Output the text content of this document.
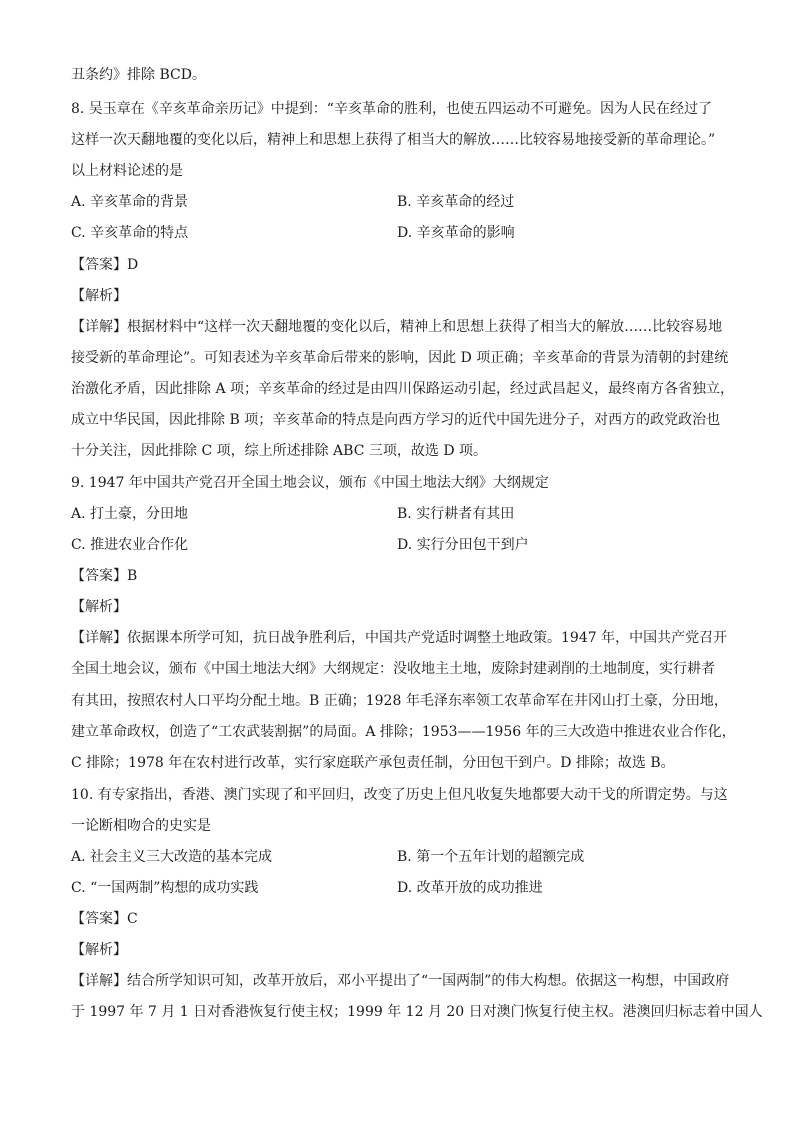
丑条约》排除 BCD。
8. 吴玉章在《辛亥革命亲历记》中提到：“辛亥革命的胜利，也使五四运动不可避免。因为人民在经过了
这样一次天翻地覆的变化以后，精神上和思想上获得了相当大的解放……比较容易地接受新的革命理论。”
以上材料论述的是
A. 辛亥革命的背景	B. 辛亥革命的经过
C. 辛亥革命的特点	D. 辛亥革命的影响
【答案】D
【解析】
【详解】根据材料中“这样一次天翻地覆的变化以后，精神上和思想上获得了相当大的解放……比较容易地
接受新的革命理论”。可知表述为辛亥革命后带来的影响，因此 D 项正确；辛亥革命的背景为清朝的封建统
治激化矛盾，因此排除 A 项；辛亥革命的经过是由四川保路运动引起，经过武昌起义，最终南方各省独立，
成立中华民国，因此排除 B 项；辛亥革命的特点是向西方学习的近代中国先进分子，对西方的政党政治也
十分关注，因此排除 C 项，综上所述排除 ABC 三项，故选 D 项。
9. 1947 年中国共产党召开全国土地会议，颁布《中国土地法大纲》大纲规定
A. 打土豪，分田地	B. 实行耕者有其田
C. 推进农业合作化	D. 实行分田包干到户
【答案】B
【解析】
【详解】依据课本所学可知，抗日战争胜利后，中国共产党适时调整土地政策。1947 年，中国共产党召开
全国土地会议，颁布《中国土地法大纲》大纲规定：没收地主土地，废除封建剥削的土地制度，实行耕者
有其田，按照农村人口平均分配土地。B 正确；1928 年毛泽东率领工农革命军在井冈山打土豪，分田地，
建立革命政权，创造了“工农武装割据”的局面。A 排除；1953——1956 年的三大改造中推进农业合作化，
C 排除；1978 年在农村进行改革，实行家庭联产承包责任制，分田包干到户。D 排除；故选 B。
10. 有专家指出，香港、澳门实现了和平回归，改变了历史上但凡收复失地都要大动干戈的所谓定势。与这
一论断相吻合的史实是
A. 社会主义三大改造的基本完成	B. 第一个五年计划的超额完成
C. “一国两制”构想的成功实践	D. 改革开放的成功推进
【答案】C
【解析】
【详解】结合所学知识可知，改革开放后，邓小平提出了“一国两制”的伟大构想。依据这一构想，中国政府
于 1997 年 7 月 1 日对香港恢复行使主权；1999 年 12 月 20 日对澳门恢复行使主权。港澳回归标志着中国人
